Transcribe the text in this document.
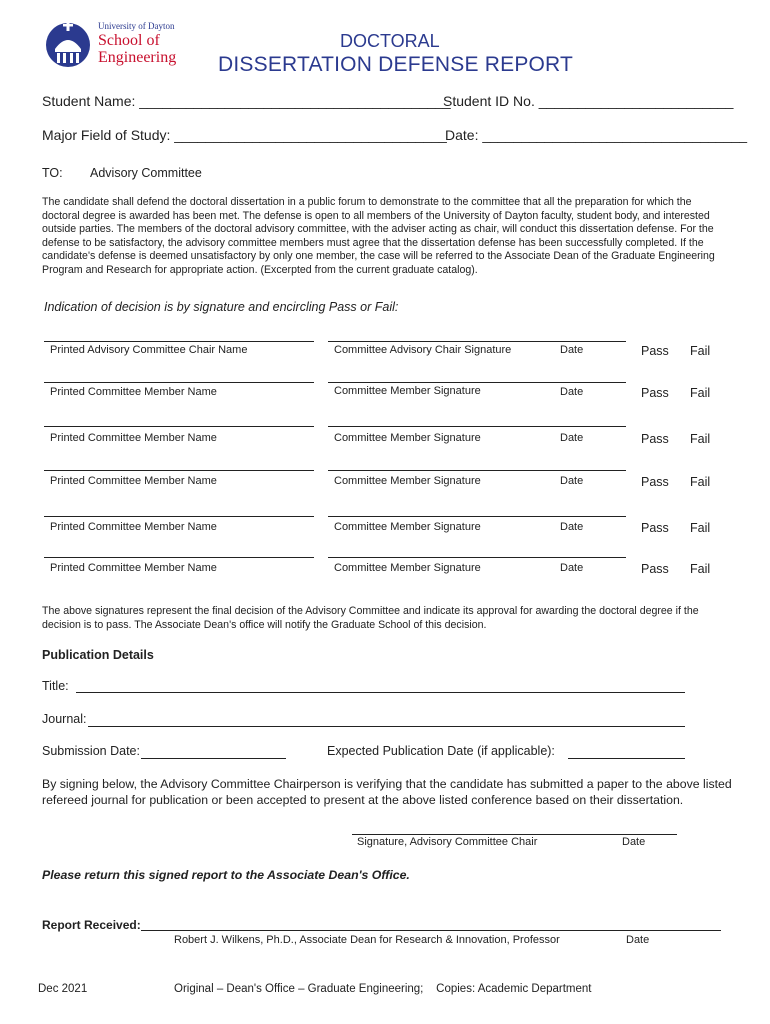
University of Dayton
School of
Engineering
DOCTORAL
DISSERTATION DEFENSE REPORT
Student Name: ________________________________________
Student ID No. _________________________
Major Field of Study: ___________________________________
Date: __________________________________
TO: Advisory Committee
The candidate shall defend the doctoral dissertation in a public forum to demonstrate to the committee that all the preparation for which the doctoral degree is awarded has been met. The defense is open to all members of the University of Dayton faculty, student body, and interested outside parties. The members of the doctoral advisory committee, with the adviser acting as chair, will conduct this dissertation defense. For the defense to be satisfactory, the advisory committee members must agree that the dissertation defense has been successfully completed. If the candidate's defense is deemed unsatisfactory by only one member, the case will be referred to the Associate Dean of the Graduate Engineering Program and Research for appropriate action. (Excerpted from the current graduate catalog).
Indication of decision is by signature and encircling Pass or Fail:
Printed Advisory Committee Chair Name	Committee Advisory Chair Signature	Date	Pass Fail
Printed Committee Member Name	Committee Member Signature	Date	Pass Fail
Printed Committee Member Name	Committee Member Signature	Date	Pass Fail
Printed Committee Member Name	Committee Member Signature	Date	Pass Fail
Printed Committee Member Name	Committee Member Signature	Date	Pass Fail
Printed Committee Member Name	Committee Member Signature	Date	Pass Fail
The above signatures represent the final decision of the Advisory Committee and indicate its approval for awarding the doctoral degree if the decision is to pass. The Associate Dean's office will notify the Graduate School of this decision.
Publication Details
Title:
Journal:
Submission Date:	Expected Publication Date (if applicable):
By signing below, the Advisory Committee Chairperson is verifying that the candidate has submitted a paper to the above listed refereed journal for publication or been accepted to present at the above listed conference based on their dissertation.
Signature, Advisory Committee Chair	Date
Please return this signed report to the Associate Dean's Office.
Report Received:
Robert J. Wilkens, Ph.D., Associate Dean for Research & Innovation, Professor	Date
Dec 2021	Original – Dean's Office – Graduate Engineering;    Copies: Academic Department
